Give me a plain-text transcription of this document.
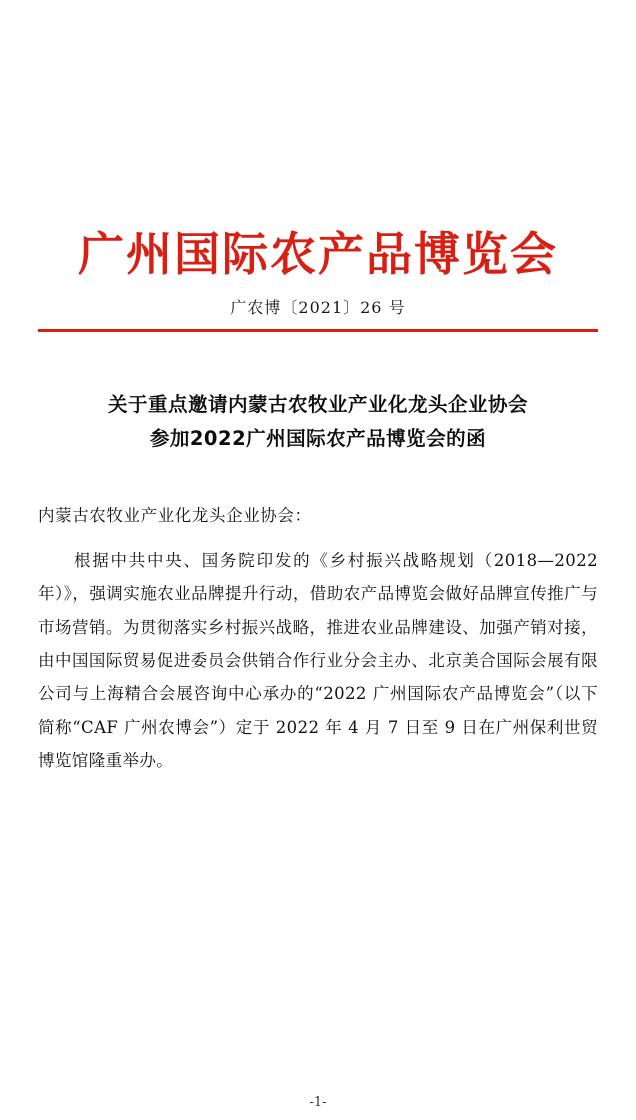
广州国际农产品博览会
广农博〔2021〕26 号
关于重点邀请内蒙古农牧业产业化龙头企业协会
参加2022广州国际农产品博览会的函
内蒙古农牧业产业化龙头企业协会：
根据中共中央、国务院印发的《乡村振兴战略规划（2018—2022年）》，强调实施农业品牌提升行动，借助农产品博览会做好品牌宣传推广与市场营销。为贯彻落实乡村振兴战略，推进农业品牌建设、加强产销对接，由中国国际贸易促进委员会供销合作行业分会主办、北京美合国际会展有限公司与上海精合会展咨询中心承办的“2022 广州国际农产品博览会”（以下简称“CAF 广州农博会”）定于 2022 年 4 月 7 日至 9 日在广州保利世贸博览馆隆重举办。
-1-
